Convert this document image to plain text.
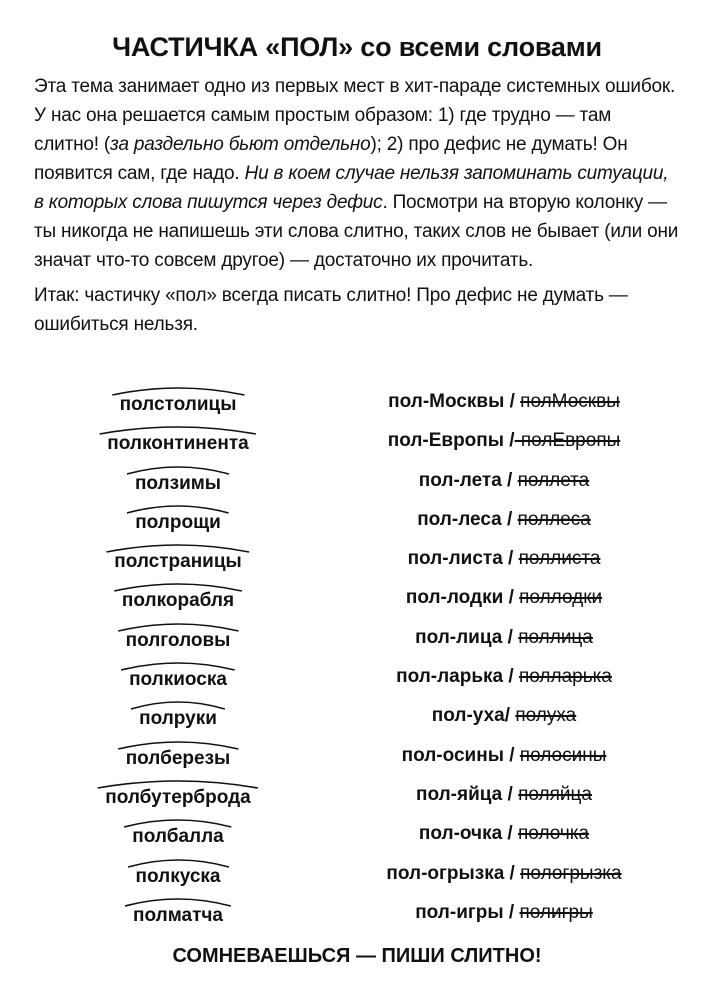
ЧАСТИЧКА «ПОЛ» со всеми словами

Эта тема занимает одно из первых мест в хит-параде системных ошибок. У нас она решается самым простым образом: 1) где трудно — там слитно! (за раздельно бьют отдельно); 2) про дефис не думать! Он появится сам, где надо. Ни в коем случае нельзя запоминать ситуации, в которых слова пишутся через дефис. Посмотри на вторую колонку — ты никогда не напишешь эти слова слитно, таких слов не бывает (или они значат что-то совсем другое) — достаточно их прочитать.

Итак: частичку «пол» всегда писать слитно! Про дефис не думать — ошибиться нельзя.

полстолицы	пол-Москвы / полМосквы
полконтинента	пол-Европы /-полЕвропы
ползимы	пол-лета / поллета
полрощи	пол-леса / поллеса
полстраницы	пол-листа / поллиста
полкорабля	пол-лодки / поллодки
полголовы	пол-лица / поллица
полкиоска	пол-ларька / полларька
полруки	пол-уха/ полуха
полберезы	пол-осины / полосины
полбутерброда	пол-яйца / поляйца
полбалла	пол-очка / полочка
полкуска	пол-огрызка / пологрызка
полматча	пол-игры / полигры
СОМНЕВАЕШЬСЯ — ПИШИ СЛИТНО!
